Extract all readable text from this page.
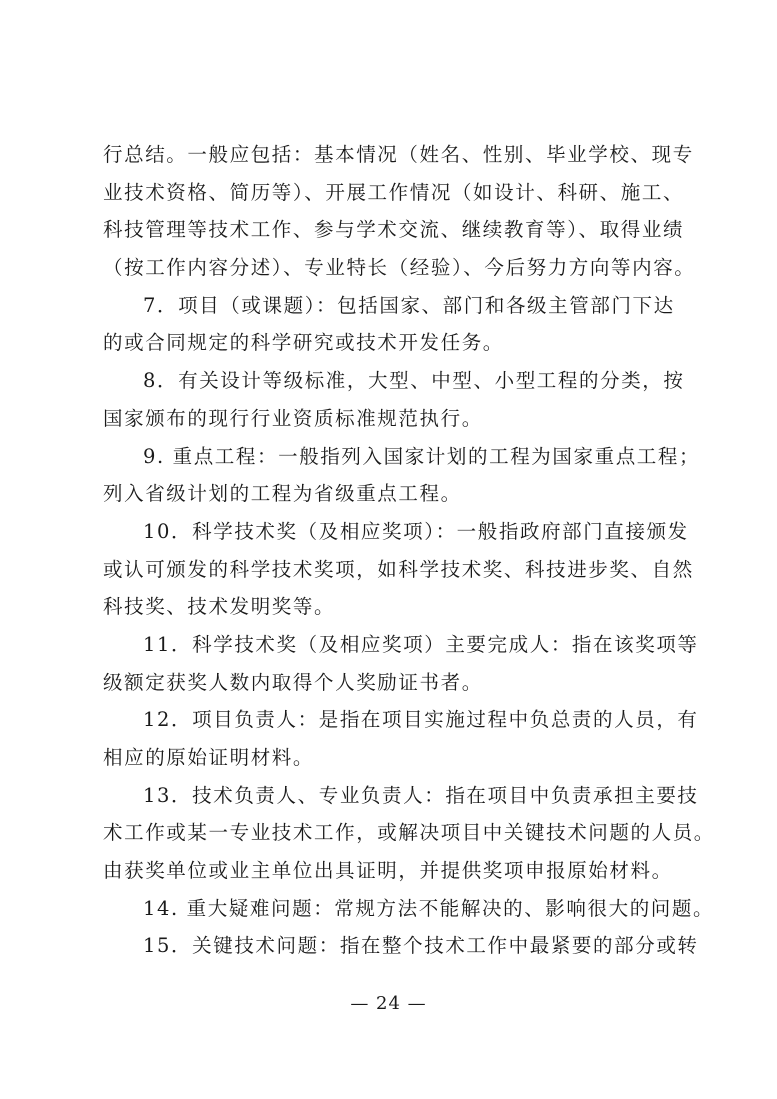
行总结。一般应包括：基本情况（姓名、性别、毕业学校、现专
业技术资格、简历等）、开展工作情况（如设计、科研、施工、
科技管理等技术工作、参与学术交流、继续教育等）、取得业绩
（按工作内容分述）、专业特长（经验）、今后努力方向等内容。
7．项目（或课题）：包括国家、部门和各级主管部门下达
的或合同规定的科学研究或技术开发任务。
8．有关设计等级标准，大型、中型、小型工程的分类，按
国家颁布的现行行业资质标准规范执行。
9. 重点工程：一般指列入国家计划的工程为国家重点工程；
列入省级计划的工程为省级重点工程。
10．科学技术奖（及相应奖项）：一般指政府部门直接颁发
或认可颁发的科学技术奖项，如科学技术奖、科技进步奖、自然
科技奖、技术发明奖等。
11．科学技术奖（及相应奖项）主要完成人：指在该奖项等
级额定获奖人数内取得个人奖励证书者。
12．项目负责人：是指在项目实施过程中负总责的人员，有
相应的原始证明材料。
13．技术负责人、专业负责人：指在项目中负责承担主要技
术工作或某一专业技术工作，或解决项目中关键技术问题的人员。
由获奖单位或业主单位出具证明，并提供奖项申报原始材料。
14. 重大疑难问题：常规方法不能解决的、影响很大的问题。
15．关键技术问题：指在整个技术工作中最紧要的部分或转
— 24 —
